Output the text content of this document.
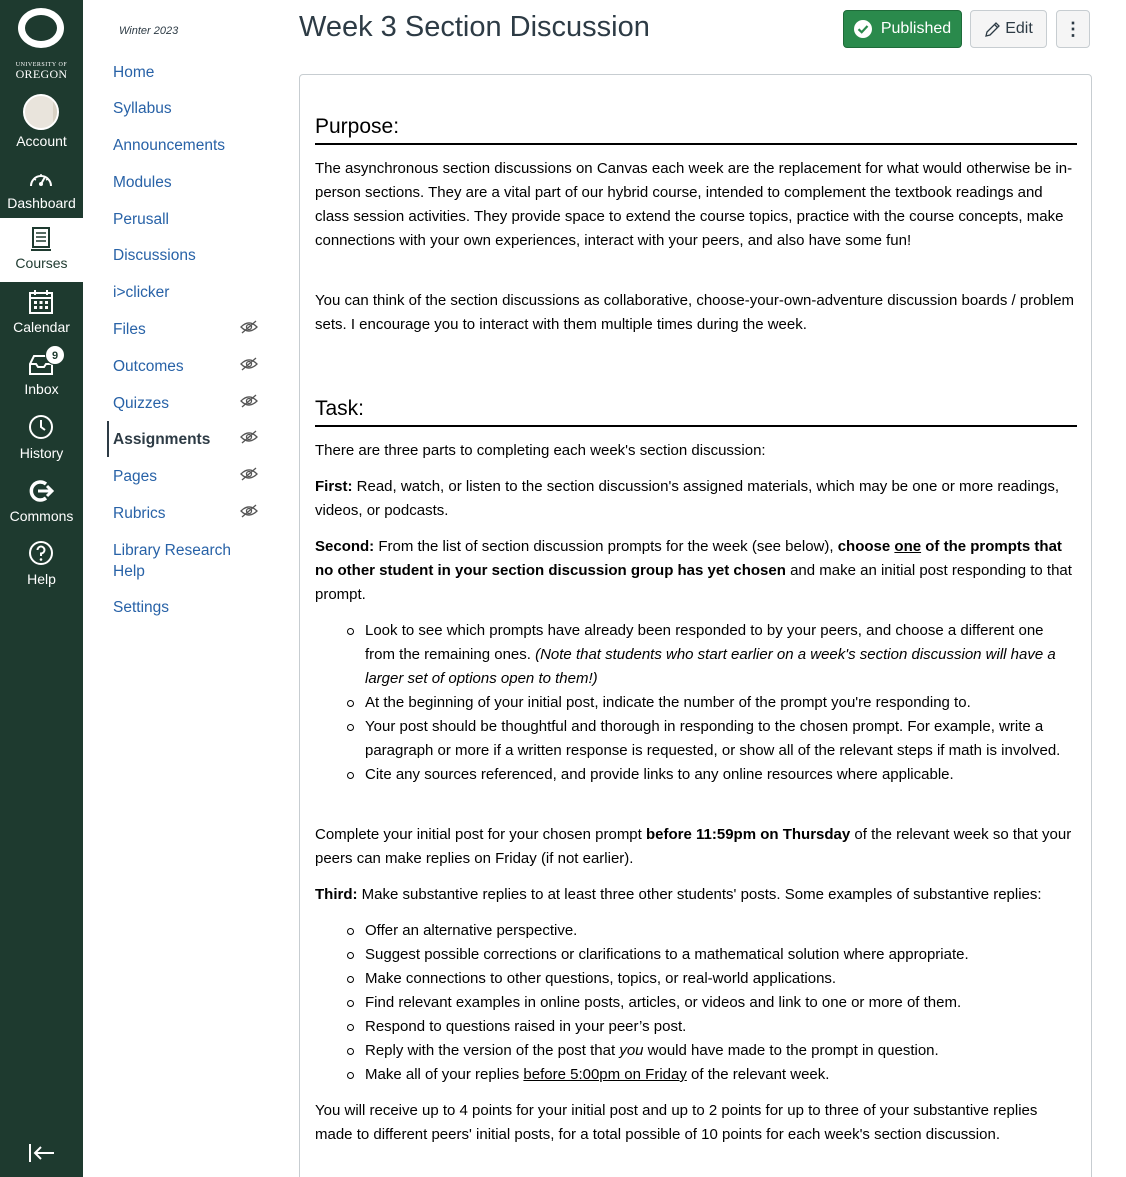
UNIVERSITY OF
OREGON
Account
Dashboard
Courses
Calendar
Inbox
9
History
Commons
Help
Winter 2023
Home
Syllabus
Announcements
Modules
Perusall
Discussions
i>clicker
Files
Outcomes
Quizzes
Assignments
Pages
Rubrics
Library Research Help
Settings
Week 3 Section Discussion	Published	Edit ⋮
Purpose:

The asynchronous section discussions on Canvas each week are the replacement for what would otherwise be in-person sections. They are a vital part of our hybrid course, intended to complement the textbook readings and class session activities. They provide space to extend the course topics, practice with the course concepts, make connections with your own experiences, interact with your peers, and also have some fun!

You can think of the section discussions as collaborative, choose-your-own-adventure discussion boards / problem sets. I encourage you to interact with them multiple times during the week.

Task:

There are three parts to completing each week's section discussion:

First: Read, watch, or listen to the section discussion's assigned materials, which may be one or more readings, videos, or podcasts.

Second: From the list of section discussion prompts for the week (see below), choose one of the prompts that no other student in your section discussion group has yet chosen and make an initial post responding to that prompt.

Look to see which prompts have already been responded to by your peers, and choose a different one from the remaining ones. (Note that students who start earlier on a week's section discussion will have a larger set of options open to them!)
At the beginning of your initial post, indicate the number of the prompt you're responding to.
Your post should be thoughtful and thorough in responding to the chosen prompt. For example, write a paragraph or more if a written response is requested, or show all of the relevant steps if math is involved.
Cite any sources referenced, and provide links to any online resources where applicable.

Complete your initial post for your chosen prompt before 11:59pm on Thursday of the relevant week so that your peers can make replies on Friday (if not earlier).

Third: Make substantive replies to at least three other students' posts. Some examples of substantive replies:

Offer an alternative perspective.
Suggest possible corrections or clarifications to a mathematical solution where appropriate.
Make connections to other questions, topics, or real-world applications.
Find relevant examples in online posts, articles, or videos and link to one or more of them.
Respond to questions raised in your peer’s post.
Reply with the version of the post that you would have made to the prompt in question.
Make all of your replies before 5:00pm on Friday of the relevant week.

You will receive up to 4 points for your initial post and up to 2 points for up to three of your substantive replies made to different peers' initial posts, for a total possible of 10 points for each week's section discussion.
